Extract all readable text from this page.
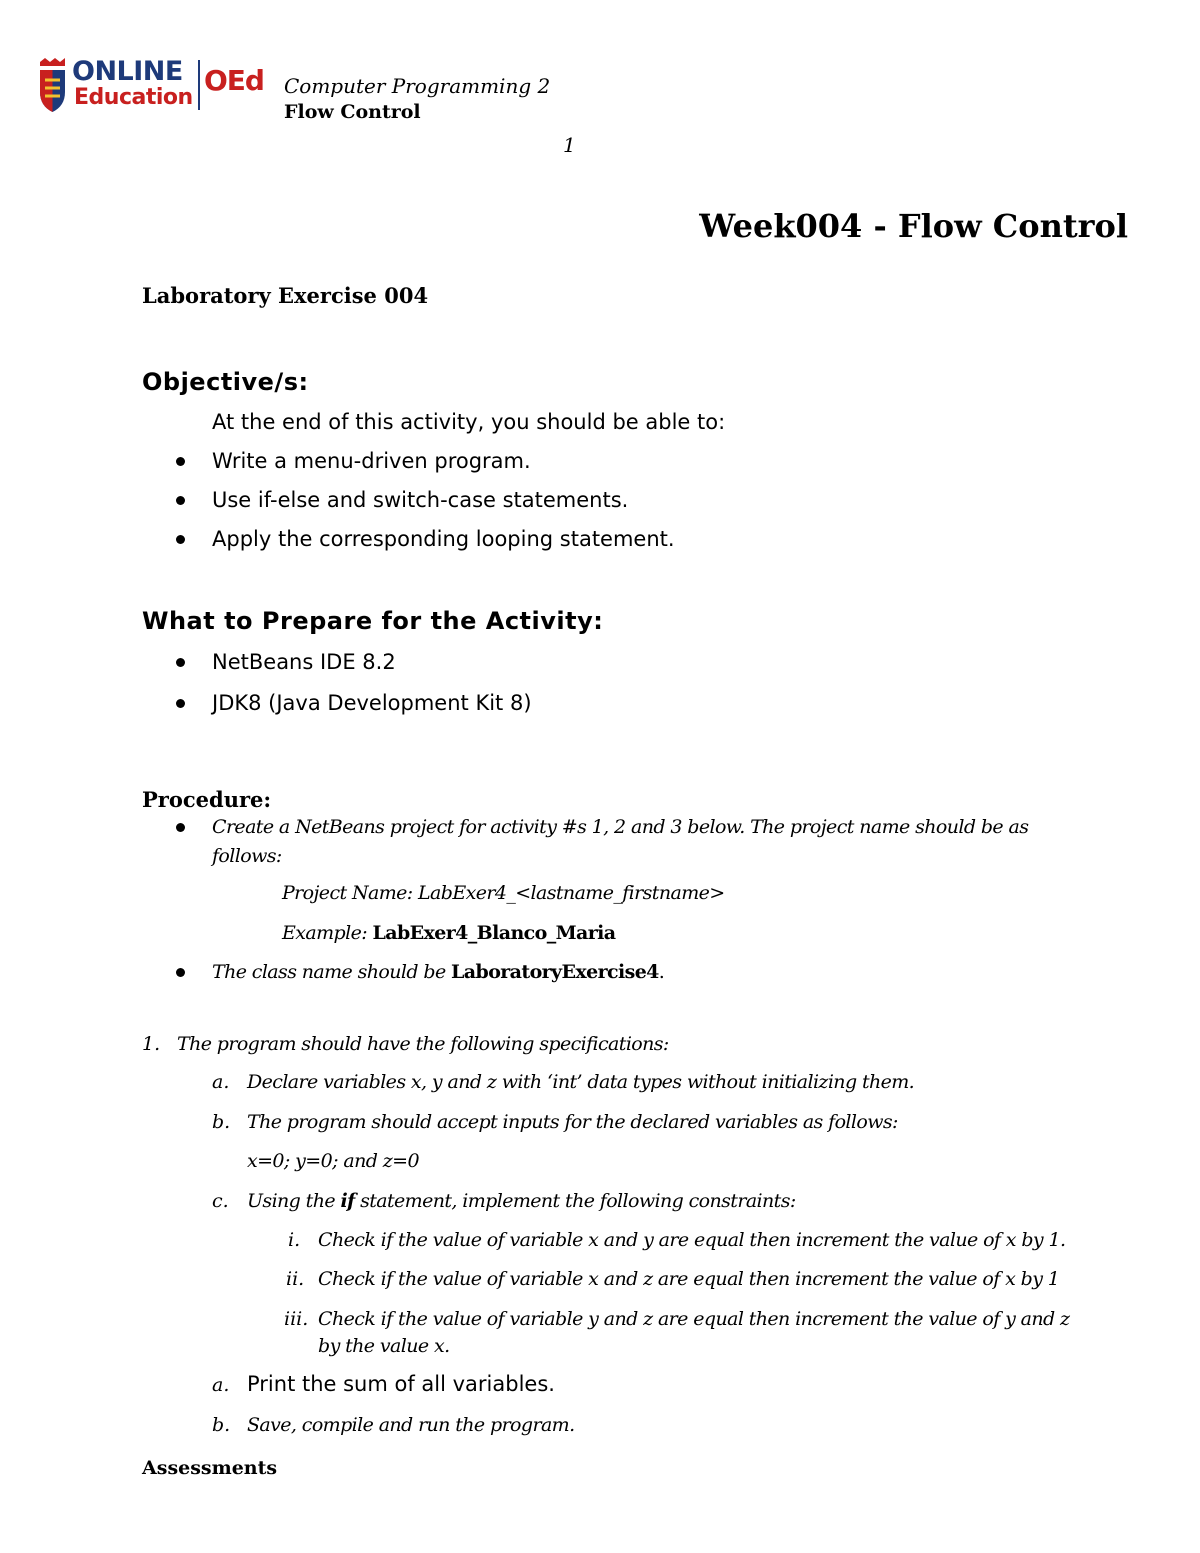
ONLINE
Education
OEd Computer Programming 2
Flow Control
1
Week004 - Flow Control
Laboratory Exercise 004
Objective/s:
At the end of this activity, you should be able to:
Write a menu-driven program.
Use if-else and switch-case statements.
Apply the corresponding looping statement.
What to Prepare for the Activity:
NetBeans IDE 8.2
JDK8 (Java Development Kit 8)
Procedure:
Create a NetBeans project for activity #s 1, 2 and 3 below. The project name should be as
follows:
Project Name: LabExer4_<lastname_firstname>
Example: LabExer4_Blanco_Maria
The class name should be LaboratoryExercise4.
1. The program should have the following specifications:
a. Declare variables x, y and z with ‘int’ data types without initializing them.
b. The program should accept inputs for the declared variables as follows:
x=0; y=0; and z=0
c. Using the if statement, implement the following constraints:
i. Check if the value of variable x and y are equal then increment the value of x by 1.
ii. Check if the value of variable x and z are equal then increment the value of x by 1
iii. Check if the value of variable y and z are equal then increment the value of y and z
by the value x.
a. Print the sum of all variables.
b. Save, compile and run the program.
Assessments
